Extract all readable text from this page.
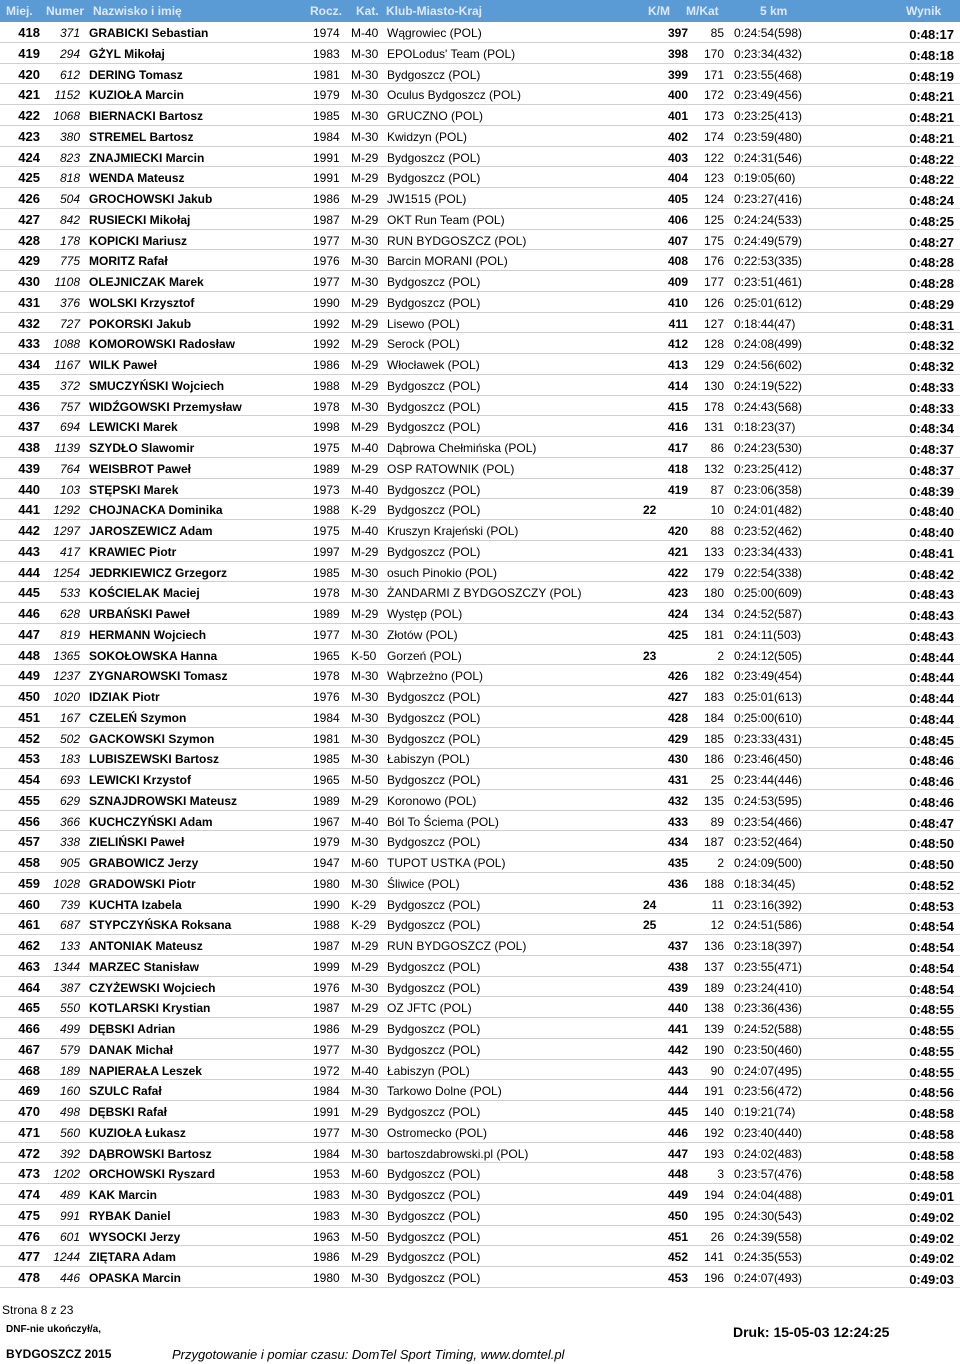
Miej. Numer Nazwisko i imię	Rocz. Kat. Klub-Miasto-Kraj	K/M M/Kat	5 km	Wynik
418	371 GRABICKI Sebastian	1974 M-40 Wągrowiec (POL)	397	85 0:24:54(598)	0:48:17
419	294 GŻYL Mikołaj	1983 M-30 EPOLodus' Team (POL)	398	170 0:23:34(432)	0:48:18
420	612 DERING Tomasz	1981 M-30 Bydgoszcz (POL)	399	171 0:23:55(468)	0:48:19
421	1152 KUZIOŁA Marcin	1979 M-30 Oculus Bydgoszcz (POL)	400	172 0:23:49(456)	0:48:21
422	1068 BIERNACKI Bartosz	1985 M-30 GRUCZNO (POL)	401	173 0:23:25(413)	0:48:21
423	380 STREMEL Bartosz	1984 M-30 Kwidzyn (POL)	402	174 0:23:59(480)	0:48:21
424	823 ZNAJMIECKI Marcin	1991 M-29 Bydgoszcz (POL)	403	122 0:24:31(546)	0:48:22
425	818 WENDA Mateusz	1991 M-29 Bydgoszcz (POL)	404	123 0:19:05(60)	0:48:22
426	504 GROCHOWSKI Jakub	1986 M-29 JW1515 (POL)	405	124 0:23:27(416)	0:48:24
427	842 RUSIECKI Mikołaj	1987 M-29 OKT Run Team (POL)	406	125 0:24:24(533)	0:48:25
428	178 KOPICKI Mariusz	1977 M-30 RUN BYDGOSZCZ (POL)	407	175 0:24:49(579)	0:48:27
429	775 MORITZ Rafał	1976 M-30 Barcin MORANI (POL)	408	176 0:22:53(335)	0:48:28
430	1108 OLEJNICZAK Marek	1977 M-30 Bydgoszcz (POL)	409	177 0:23:51(461)	0:48:28
431	376 WOLSKI Krzysztof	1990 M-29 Bydgoszcz (POL)	410	126 0:25:01(612)	0:48:29
432	727 POKORSKI Jakub	1992 M-29 Lisewo (POL)	411	127 0:18:44(47)	0:48:31
433	1088 KOMOROWSKI Radosław	1992 M-29 Serock (POL)	412	128 0:24:08(499)	0:48:32
434	1167 WILK Paweł	1986 M-29 Włocławek (POL)	413	129 0:24:56(602)	0:48:32
435	372 SMUCZYŃSKI Wojciech	1988 M-29 Bydgoszcz (POL)	414	130 0:24:19(522)	0:48:33
436	757 WIDŹGOWSKI Przemysław	1978 M-30 Bydgoszcz (POL)	415	178 0:24:43(568)	0:48:33
437	694 LEWICKI Marek	1998 M-29 Bydgoszcz (POL)	416	131 0:18:23(37)	0:48:34
438	1139 SZYDŁO Slawomir	1975 M-40 Dąbrowa Chełmińska (POL)	417	86 0:24:23(530)	0:48:37
439	764 WEISBROT Paweł	1989 M-29 OSP RATOWNIK (POL)	418	132 0:23:25(412)	0:48:37
440	103 STĘPSKI Marek	1973 M-40 Bydgoszcz (POL)	419	87 0:23:06(358)	0:48:39
441	1292 CHOJNACKA Dominika	1988 K-29 Bydgoszcz (POL)	22	10 0:24:01(482)	0:48:40
442	1297 JAROSZEWICZ Adam	1975 M-40 Kruszyn Krajeński (POL)	420	88 0:23:52(462)	0:48:40
443	417 KRAWIEC Piotr	1997 M-29 Bydgoszcz (POL)	421	133 0:23:34(433)	0:48:41
444	1254 JEDRKIEWICZ Grzegorz	1985 M-30 osuch Pinokio (POL)	422	179 0:22:54(338)	0:48:42
445	533 KOŚCIELAK Maciej	1978 M-30 ŻANDARMI Z BYDGOSZCZY (POL)	423	180 0:25:00(609)	0:48:43
446	628 URBAŃSKI Paweł	1989 M-29 Występ (POL)	424	134 0:24:52(587)	0:48:43
447	819 HERMANN Wojciech	1977 M-30 Złotów (POL)	425	181 0:24:11(503)	0:48:43
448	1365 SOKOŁOWSKA Hanna	1965 K-50 Gorzeń (POL)	23	2 0:24:12(505)	0:48:44
449	1237 ZYGNAROWSKI Tomasz	1978 M-30 Wąbrzeżno (POL)	426	182 0:23:49(454)	0:48:44
450	1020 IDZIAK Piotr	1976 M-30 Bydgoszcz (POL)	427	183 0:25:01(613)	0:48:44
451	167 CZELEŃ Szymon	1984 M-30 Bydgoszcz (POL)	428	184 0:25:00(610)	0:48:44
452	502 GACKOWSKI Szymon	1981 M-30 Bydgoszcz (POL)	429	185 0:23:33(431)	0:48:45
453	183 LUBISZEWSKI Bartosz	1985 M-30 Łabiszyn (POL)	430	186 0:23:46(450)	0:48:46
454	693 LEWICKI Krzystof	1965 M-50 Bydgoszcz (POL)	431	25 0:23:44(446)	0:48:46
455	629 SZNAJDROWSKI Mateusz	1989 M-29 Koronowo (POL)	432	135 0:24:53(595)	0:48:46
456	366 KUCHCZYŃSKI Adam	1967 M-40 Ból To Ściema (POL)	433	89 0:23:54(466)	0:48:47
457	338 ZIELIŃSKI Paweł	1979 M-30 Bydgoszcz (POL)	434	187 0:23:52(464)	0:48:50
458	905 GRABOWICZ Jerzy	1947 M-60 TUPOT USTKA (POL)	435	2 0:24:09(500)	0:48:50
459	1028 GRADOWSKI Piotr	1980 M-30 Śliwice (POL)	436	188 0:18:34(45)	0:48:52
460	739 KUCHTA Izabela	1990 K-29 Bydgoszcz (POL)	24	11 0:23:16(392)	0:48:53
461	687 STYPCZYŃSKA Roksana	1988 K-29 Bydgoszcz (POL)	25	12 0:24:51(586)	0:48:54
462	133 ANTONIAK Mateusz	1987 M-29 RUN BYDGOSZCZ (POL)	437	136 0:23:18(397)	0:48:54
463	1344 MARZEC Stanisław	1999 M-29 Bydgoszcz (POL)	438	137 0:23:55(471)	0:48:54
464	387 CZYŻEWSKI Wojciech	1976 M-30 Bydgoszcz (POL)	439	189 0:23:24(410)	0:48:54
465	550 KOTLARSKI Krystian	1987 M-29 OZ JFTC (POL)	440	138 0:23:36(436)	0:48:55
466	499 DĘBSKI Adrian	1986 M-29 Bydgoszcz (POL)	441	139 0:24:52(588)	0:48:55
467	579 DANAK Michał	1977 M-30 Bydgoszcz (POL)	442	190 0:23:50(460)	0:48:55
468	189 NAPIERAŁA Leszek	1972 M-40 Łabiszyn (POL)	443	90 0:24:07(495)	0:48:55
469	160 SZULC Rafał	1984 M-30 Tarkowo Dolne (POL)	444	191 0:23:56(472)	0:48:56
470	498 DĘBSKI Rafał	1991 M-29 Bydgoszcz (POL)	445	140 0:19:21(74)	0:48:58
471	560 KUZIOŁA Łukasz	1977 M-30 Ostromecko (POL)	446	192 0:23:40(440)	0:48:58
472	392 DĄBROWSKI Bartosz	1984 M-30 bartoszdabrowski.pl (POL)	447	193 0:24:02(483)	0:48:58
473	1202 ORCHOWSKI Ryszard	1953 M-60 Bydgoszcz (POL)	448	3 0:23:57(476)	0:48:58
474	489 KAK Marcin	1983 M-30 Bydgoszcz (POL)	449	194 0:24:04(488)	0:49:01
475	991 RYBAK Daniel	1983 M-30 Bydgoszcz (POL)	450	195 0:24:30(543)	0:49:02
476	601 WYSOCKI Jerzy	1963 M-50 Bydgoszcz (POL)	451	26 0:24:39(558)	0:49:02
477	1244 ZIĘTARA Adam	1986 M-29 Bydgoszcz (POL)	452	141 0:24:35(553)	0:49:02
478	446 OPASKA Marcin	1980 M-30 Bydgoszcz (POL)	453	196 0:24:07(493)	0:49:03
Strona 8 z 23
DNF-nie ukończył/a,	Druk: 15-05-03 12:24:25
BYDGOSZCZ 2015	Przygotowanie i pomiar czasu: DomTel Sport Timing, www.domtel.pl
